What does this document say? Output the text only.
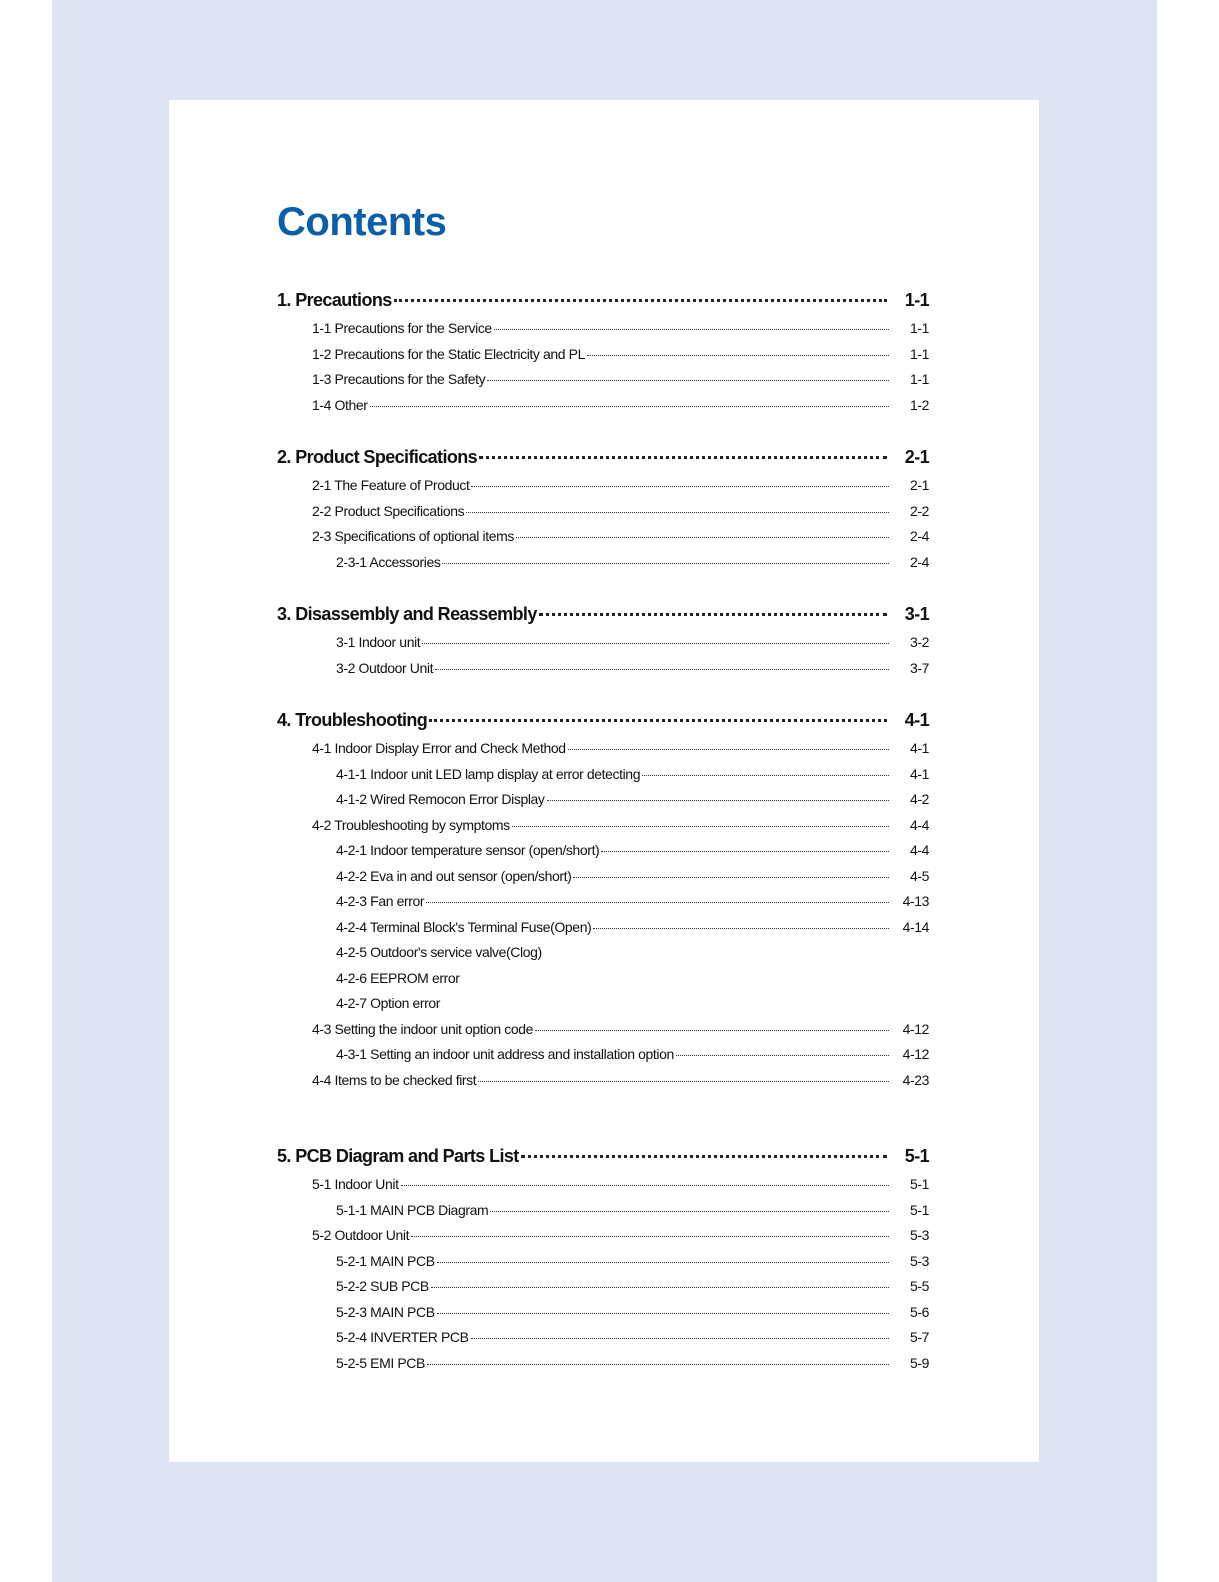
Contents
1. Precautions	1-1
1-1 Precautions for the Service	1-1
1-2 Precautions for the Static Electricity and PL	1-1
1-3 Precautions for the Safety	1-1
1-4 Other	1-2
2. Product Specifications	2-1
2-1 The Feature of Product	2-1
2-2 Product Specifications	2-2
2-3 Specifications of optional items	2-4
2-3-1 Accessories	2-4
3. Disassembly and Reassembly	3-1
3-1 Indoor unit	3-2
3-2 Outdoor Unit	3-7
4. Troubleshooting	4-1
4-1 Indoor Display Error and Check Method	4-1
4-1-1 Indoor unit LED lamp display at error detecting	4-1
4-1-2 Wired Remocon Error Display	4-2
4-2 Troubleshooting by symptoms	4-4
4-2-1 Indoor temperature sensor (open/short)	4-4
4-2-2 Eva in and out sensor (open/short)	4-5
4-2-3 Fan error	4-13
4-2-4 Terminal Block's Terminal Fuse(Open)	4-14
4-2-5 Outdoor's service valve(Clog)
4-2-6 EEPROM error
4-2-7 Option error
4-3 Setting the indoor unit option code	4-12
4-3-1 Setting an indoor unit address and installation option	4-12
4-4 Items to be checked first	4-23
5. PCB Diagram and Parts List	5-1
5-1 Indoor Unit	5-1
5-1-1 MAIN PCB Diagram	5-1
5-2 Outdoor Unit	5-3
5-2-1 MAIN PCB	5-3
5-2-2 SUB PCB	5-5
5-2-3 MAIN PCB	5-6
5-2-4 INVERTER PCB	5-7
5-2-5 EMI PCB	5-9
